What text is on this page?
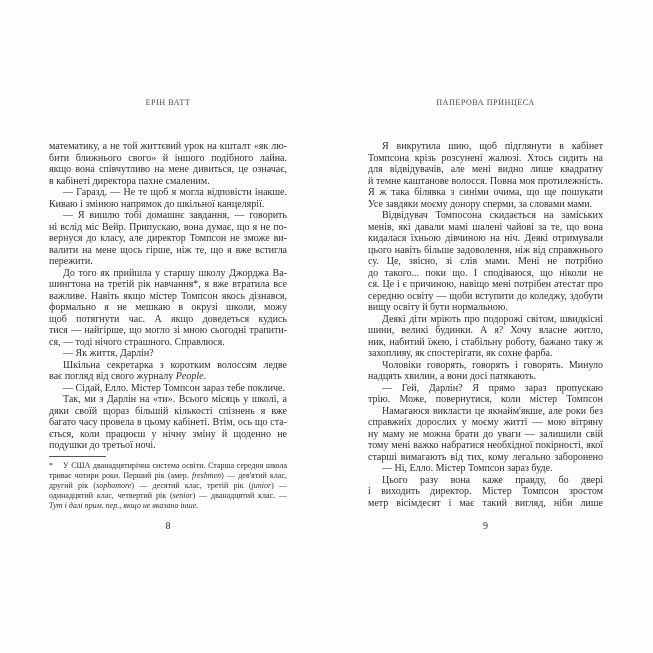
ЕРІН ВАТТ
математику, а не той життєвий урок на кшталт «як лю-
бити ближнього свого» й іншого подібного лайна.
якщо вона співчутливо на мене дивиться, це означає,
в кабінеті директора пахне смаленим.
— Гаразд. — Не те щоб я могла відповісти інакше.
Киваю і змінюю напрямок до шкільної канцелярії.
— Я вишлю тобі домашнє завдання, — говорить
ні вслід міс Вейр. Припускаю, вона думає, що я не по-
вернуся до класу, але директор Томпсон не зможе ви-
валити на мене щось гірше, ніж те, що я вже встигла
пережити.
До того як прийшла у старшу школу Джорджа Ва-
шингтона на третій рік навчання*, я вже втратила все
важливе. Навіть якщо містер Томпсон якось дізнався,
формально я не мешкаю в окрузі школи, можу
щоб потягнути час. А якщо доведеться кудись
тися — найгірше, що могло зі мною сьогодні трапити-
ся, — тоді нічого страшного. Справлюся.
— Як життя, Дарлін?
Шкільна секретарка з коротким волоссям ледве
ває погляд від свого журналу People.
— Сідай, Елло. Містер Томпсон зараз тебе покличе.
Так, ми з Дарлін на «ти». Всього місяць у школі, а
дяки своїй щораз більшій кількості спізнень я вже
багато часу провела в цьому кабінеті. Втім, ось що ста-
ється, коли працюєш у нічну зміну й щоденно не
подушки до третьої ночі.
* У США дванадцятирічна система освіти. Старша середня школа
триває чотири роки. Перший рік (амер. freshmen) — дев'ятий клас,
другий рік (sophomore) — десятий клас, третій рік (junior) —
одинадцятий клас, четвертий рік (senior) — дванадцятий клас. —
Тут і далі прим. пер., якщо не вказано інше.
8
ПАПЕРОВА ПРИНЦЕСА
Я викрутила шию, щоб підглянути в кабінет
Томпсона крізь розсунені жалюзі. Хтось сидить на
для відвідувачів, але мені видно лише квадратну
й темне каштанове волосся. Повна моя протилежність.
Я ж така білявка з синіми очима, що ще пошукати
Усе завдяки моєму донору сперми, за словами мами.
Відвідувач Томпосона скидається на заміських
менів, які давали мамі шалені чайові за те, що вона
кидалася їхньою дівчиною на ніч. Деякі отримували
цього навіть більше задоволення, ніж від справжнього
су. Це, звісно, зі слів мами. Мені не потрібно
до такого... поки що. І сподіваюся, що ніколи не
ся. Це і є причиною, навіщо мені потрібен атестат про
середню освіту — щоби вступити до коледжу, здобути
вищу освіту й бути нормальною.
Деякі діти мріють про подорожі світом, швидкісні
шини, великі будинки. А я? Хочу власне житло,
ник, набитий їжею, і стабільну роботу, бажано таку ж
захопливу, як спостерігати, як сохне фарба.
Чоловіки говорять, говорять і говорять. Минуло
надцять хвилин, а вони досі патякають.
— Гей, Дарлін? Я прямо зараз пропускаю
трію. Може, повернутися, коли містер Томпсон
Намагаюся викласти це якнайм'якше, але роки без
справжніх дорослих у моєму житті — мою вітряну
ну маму не можна брати до уваги — залишили свій
тому мені важко набратися необхідної покірності, якої
старші вимагають від тих, кому легально заборонено
— Ні, Елло. Містер Томпсон зараз буде.
Цього разу вона каже правду, бо двері
і виходить директор. Містер Томпсон зростом
метр вісімдесят і має такий вигляд, ніби лише
9
